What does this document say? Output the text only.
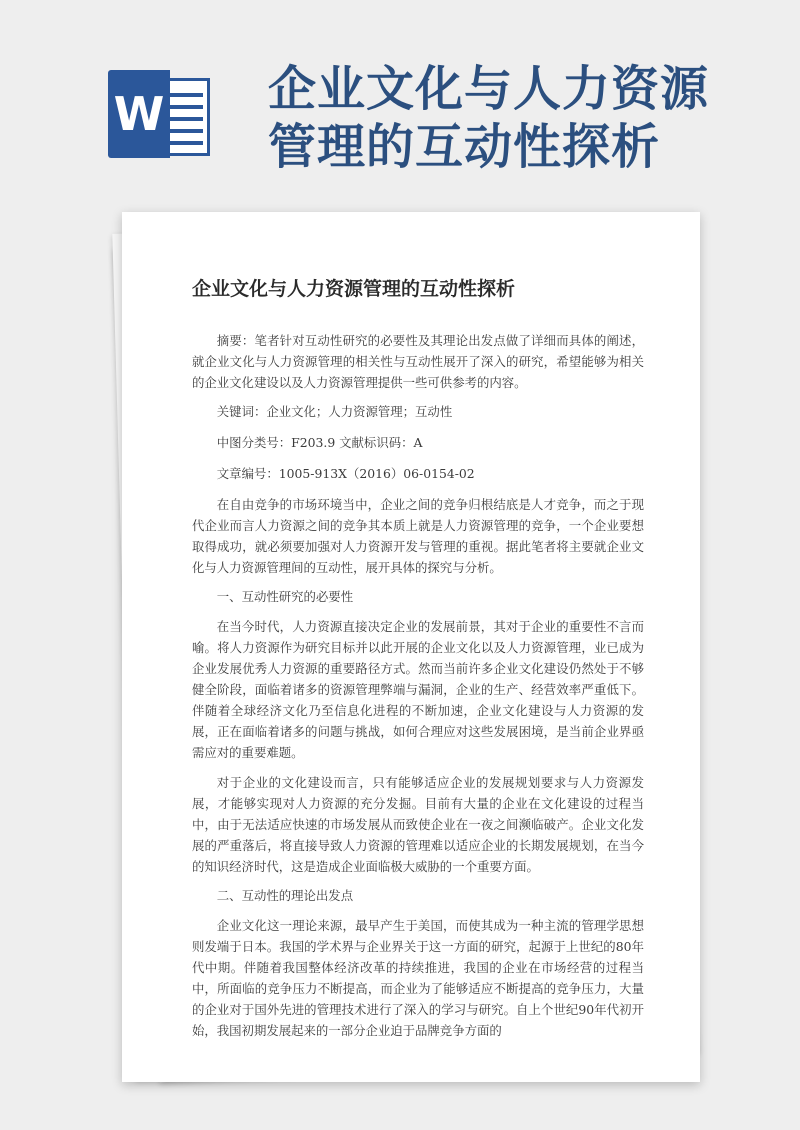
W 企业文化与人力资源管理的互动性探析
企业文化与人力资源管理的互动性探析

摘要：笔者针对互动性研究的必要性及其理论出发点做了详细而具体的阐述，就企业文化与人力资源管理的相关性与互动性展开了深入的研究，希望能够为相关的企业文化建设以及人力资源管理提供一些可供参考的内容。

关键词：企业文化；人力资源管理；互动性

中图分类号：F203.9 文献标识码：A

文章编号：1005-913X（2016）06-0154-02

在自由竞争的市场环境当中，企业之间的竞争归根结底是人才竞争，而之于现代企业而言人力资源之间的竞争其本质上就是人力资源管理的竞争，一个企业要想取得成功，就必须要加强对人力资源开发与管理的重视。据此笔者将主要就企业文化与人力资源管理间的互动性，展开具体的探究与分析。

一、互动性研究的必要性

在当今时代，人力资源直接决定企业的发展前景，其对于企业的重要性不言而喻。将人力资源作为研究目标并以此开展的企业文化以及人力资源管理，业已成为企业发展优秀人力资源的重要路径方式。然而当前许多企业文化建设仍然处于不够健全阶段，面临着诸多的资源管理弊端与漏洞，企业的生产、经营效率严重低下。伴随着全球经济文化乃至信息化进程的不断加速，企业文化建设与人力资源的发展，正在面临着诸多的问题与挑战，如何合理应对这些发展困境，是当前企业界亟需应对的重要难题。

对于企业的文化建设而言，只有能够适应企业的发展规划要求与人力资源发展，才能够实现对人力资源的充分发掘。目前有大量的企业在文化建设的过程当中，由于无法适应快速的市场发展从而致使企业在一夜之间濒临破产。企业文化发展的严重落后，将直接导致人力资源的管理难以适应企业的长期发展规划，在当今的知识经济时代，这是造成企业面临极大威胁的一个重要方面。

二、互动性的理论出发点

企业文化这一理论来源，最早产生于美国，而使其成为一种主流的管理学思想则发端于日本。我国的学术界与企业界关于这一方面的研究，起源于上世纪的80年代中期。伴随着我国整体经济改革的持续推进，我国的企业在市场经营的过程当中，所面临的竞争压力不断提高，而企业为了能够适应不断提高的竞争压力，大量的企业对于国外先进的管理技术进行了深入的学习与研究。自上个世纪90年代初开始，我国初期发展起来的一部分企业迫于品牌竞争方面的
